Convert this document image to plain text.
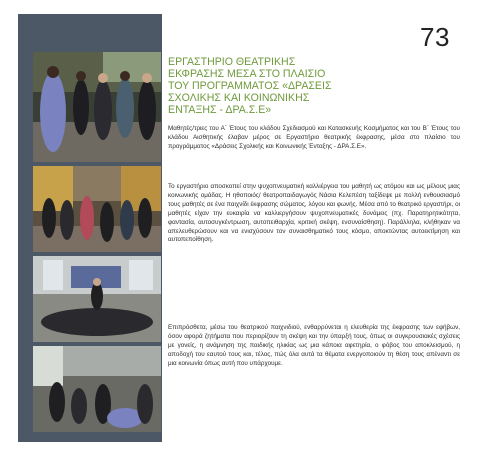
73
ΕΡΓΑΣΤΗΡΙΟ ΘΕΑΤΡΙΚΗΣ
ΕΚΦΡΑΣΗΣ ΜΕΣΑ ΣΤΟ ΠΛΑΙΣΙΟ
ΤΟΥ ΠΡΟΓΡΑΜΜΑΤΟΣ «ΔΡΑΣΕΙΣ
ΣΧΟΛΙΚΗΣ ΚΑΙ ΚΟΙΝΩΝΙΚΗΣ
ΕΝΤΑΞΗΣ - ΔΡΑ.Σ.Ε»

Μαθητές/τριες του Α΄ Έτους του κλάδου Σχεδιασμού και Κατασκευής Κοσμήματος και του Β΄ Έτους του κλάδου Αισθητικής έλαβαν μέρος σε Εργαστήριο θεατρικής έκφρασης, μέσα στο πλαίσιο του προγράμματος «Δράσεις Σχολικής και Κοινωνικής Ένταξης - ΔΡΑ.Σ.Ε».

Το εργαστήριο αποσκοπεί στην ψυχοπνευματική καλλιέργεια του μαθητή ως ατόμου και ως μέλους μιας κοινωνικής ομάδας. Η ηθοποιός/ θεατροπαιδαγωγός Νάσια Κελεπέση ταξίδεψε με πολλή ενθουσιασμό τους μαθητές σε ένα παιχνίδι έκφρασης σώματος, λόγου και φωνής. Μέσα από το θεατρικό εργαστήρι, οι μαθητές είχαν την ευκαιρία να καλλιεργήσουν ψυχοπνευματικές δυνάμεις (πχ. Παρατηρητικότητα, φαντασία, αυτοσυγκέντρωση, αυτοπειθαρχία, κριτική σκέψη, ενσυναίσθηση). Παράλληλα, κλήθηκαν να απελευθερώσουν και να ενισχύσουν τον συναισθηματικό τους κόσμο, αποκτώντας αυτοεκτίμηση και αυτοπεποίθηση.

Επιπρόσθετα, μέσω του θεατρικού παιχνιδιού, ενθαρρύνεται η ελευθερία της έκφρασης των εφήβων, όσον αφορά ζητήματα που περιορίζουν τη σκέψη και την ύπαρξή τους, όπως οι συγκρουσιακές σχέσεις με γονείς, η ανάμνηση της παιδικής ηλικίας ως μια κάποια αφετηρία, ο φόβος του αποκλεισμού, η αποδοχή του εαυτού τους και, τέλος, πώς όλα αυτά τα θέματα ενεργοποιούν τη θέση τους απέναντι σε μια κοινωνία όπως αυτή που υπάρχουμε.
